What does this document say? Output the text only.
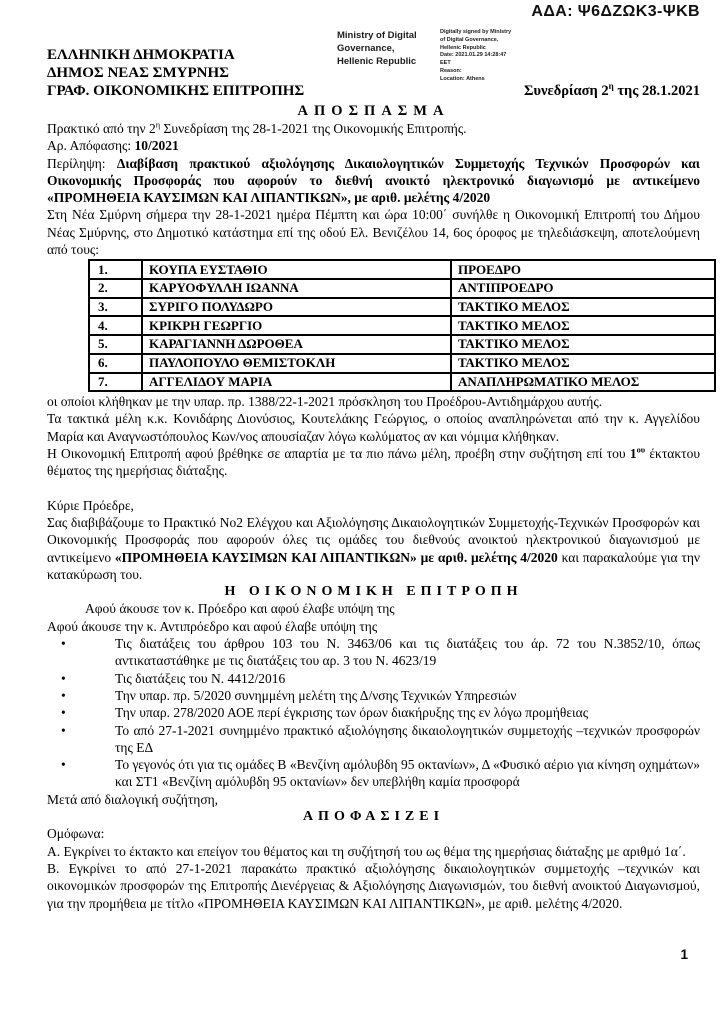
ΑΔΑ: Ψ6ΔΖΩΚ3-ΨΚΒ
Ministry of Digital
Governance,
Hellenic Republic
Digitally signed by Ministry
of Digital Governance,
Hellenic Republic
Date: 2021.01.29 14:28:47
EET
Reason:
Location: Athens
ΕΛΛΗΝΙΚΗ ΔΗΜΟΚΡΑΤΙΑ
ΔΗΜΟΣ ΝΕΑΣ ΣΜΥΡΝΗΣ
ΓΡΑΦ. ΟΙΚΟΝΟΜΙΚΗΣ ΕΠΙΤΡΟΠΗΣ	Συνεδρίαση $2^\eta$ της 28.1.2021
ΑΠΟΣΠΑΣΜΑ
Πρακτικό από την $2^\eta$ Συνεδρίαση της 28-1-2021 της Οικονομικής Επιτροπής.
Αρ. Απόφασης: 10/2021
Περίληψη: Διαβίβαση πρακτικού αξιολόγησης Δικαιολογητικών Συμμετοχής Τεχνικών Προσφορών και Οικονομικής Προσφοράς που αφορούν το διεθνή ανοικτό ηλεκτρονικό διαγωνισμό με αντικείμενο «ΠΡΟΜΗΘΕΙΑ ΚΑΥΣΙΜΩΝ ΚΑΙ ΛΙΠΑΝΤΙΚΩΝ», με αριθ. μελέτης 4/2020
Στη Νέα Σμύρνη σήμερα την 28-1-2021 ημέρα Πέμπτη και ώρα 10:00΄ συνήλθε η Οικονομική Επιτροπή του Δήμου Νέας Σμύρνης, στο Δημοτικό κατάστημα επί της οδού Ελ. Βενιζέλου 14, 6ος όροφος με τηλεδιάσκεψη, αποτελούμενη από τους:
1.	ΚΟΥΠΑ ΕΥΣΤΑΘΙΟ	ΠΡΟΕΔΡΟ
2.	ΚΑΡΥΟΦΥΛΛΗ ΙΩΑΝΝΑ	ΑΝΤΙΠΡΟΕΔΡΟ
3.	ΣΥΡΙΓΟ ΠΟΛΥΔΩΡΟ	ΤΑΚΤΙΚΟ ΜΕΛΟΣ
4.	ΚΡΙΚΡΗ ΓΕΩΡΓΙΟ	ΤΑΚΤΙΚΟ ΜΕΛΟΣ
5.	ΚΑΡΑΓΙΑΝΝΗ ΔΩΡΟΘΕΑ	ΤΑΚΤΙΚΟ ΜΕΛΟΣ
6.	ΠΑΥΛΟΠΟΥΛΟ ΘΕΜΙΣΤΟΚΛΗ	ΤΑΚΤΙΚΟ ΜΕΛΟΣ
7.	ΑΓΓΕΛΙΔΟΥ ΜΑΡΙΑ	ΑΝΑΠΛΗΡΩΜΑΤΙΚΟ ΜΕΛΟΣ
οι οποίοι κλήθηκαν με την υπαρ. πρ. 1388/22-1-2021 πρόσκληση του Προέδρου-Αντιδημάρχου αυτής.
Τα τακτικά μέλη κ.κ. Κονιδάρης Διονύσιος, Κουτελάκης Γεώργιος, ο οποίος αναπληρώνεται από την κ. Αγγελίδου Μαρία και Αναγνωστόπουλος Κων/νος απουσίαζαν λόγω κωλύματος αν και νόμιμα κλήθηκαν.
Η Οικονομική Επιτροπή αφού βρέθηκε σε απαρτία με τα πιο πάνω μέλη, προέβη στην συζήτηση επί του $1^{o\upsilon}$ έκτακτου θέματος της ημερήσιας διάταξης.
Κύριε Πρόεδρε,
Σας διαβιβάζουμε το Πρακτικό Νο2 Ελέγχου και Αξιολόγησης Δικαιολογητικών Συμμετοχής-Τεχνικών Προσφορών και Οικονομικής Προσφοράς που αφορούν όλες τις ομάδες του διεθνούς ανοικτού ηλεκτρονικού διαγωνισμού με αντικείμενο «ΠΡΟΜΗΘΕΙΑ ΚΑΥΣΙΜΩΝ ΚΑΙ ΛΙΠΑΝΤΙΚΩΝ» με αριθ. μελέτης 4/2020 και παρακαλούμε για την κατακύρωση του.
Η ΟΙΚΟΝΟΜΙΚΗ ΕΠΙΤΡΟΠΗ
Αφού άκουσε τον κ. Πρόεδρο και αφού έλαβε υπόψη της
Αφού άκουσε την κ. Αντιπρόεδρο και αφού έλαβε υπόψη της
• Τις διατάξεις του άρθρου 103 του Ν. 3463/06 και τις διατάξεις του άρ. 72 του Ν.3852/10, όπως αντικαταστάθηκε με τις διατάξεις του αρ. 3 του Ν. 4623/19
• Τις διατάξεις του Ν. 4412/2016
• Την υπαρ. πρ. 5/2020 συνημμένη μελέτη της Δ/νσης Τεχνικών Υπηρεσιών
• Την υπαρ. 278/2020 ΑΟΕ περί έγκρισης των όρων διακήρυξης της εν λόγω προμήθειας
• Το από 27-1-2021 συνημμένο πρακτικό αξιολόγησης δικαιολογητικών συμμετοχής –τεχνικών προσφορών της ΕΔ
• Το γεγονός ότι για τις ομάδες Β «Βενζίνη αμόλυβδη 95 οκτανίων», Δ «Φυσικό αέριο για κίνηση οχημάτων» και ΣΤ1 «Βενζίνη αμόλυβδη 95 οκτανίων» δεν υπεβλήθη καμία προσφορά
Μετά από διαλογική συζήτηση,
ΑΠΟΦΑΣΙΖΕΙ
Ομόφωνα:
Α. Εγκρίνει το έκτακτο και επείγον του θέματος και τη συζήτησή του ως θέμα της ημερήσιας διάταξης με αριθμό 1α΄.
Β. Εγκρίνει το από 27-1-2021 παρακάτω πρακτικό αξιολόγησης δικαιολογητικών συμμετοχής –τεχνικών και οικονομικών προσφορών της Επιτροπής Διενέργειας & Αξιολόγησης Διαγωνισμών, του διεθνή ανοικτού Διαγωνισμού, για την προμήθεια με τίτλο «ΠΡΟΜΗΘΕΙΑ ΚΑΥΣΙΜΩΝ ΚΑΙ ΛΙΠΑΝΤΙΚΩΝ», με αριθ. μελέτης 4/2020.
1
